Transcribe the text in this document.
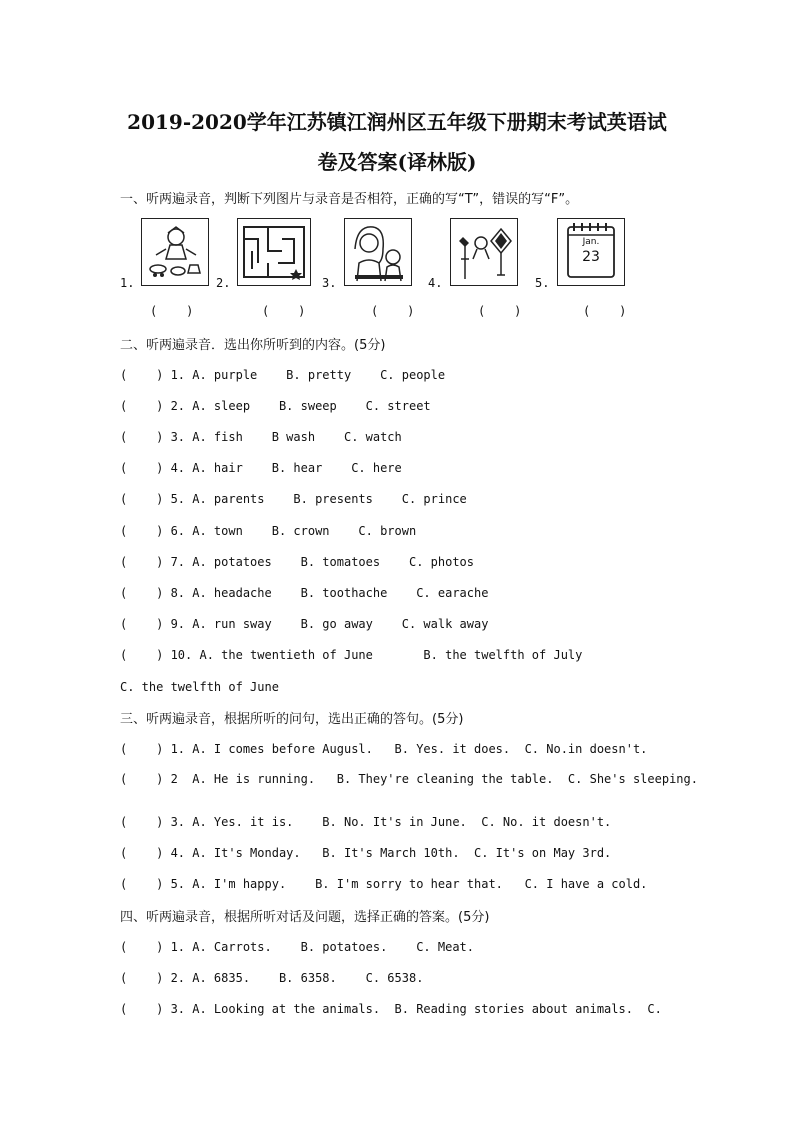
2019-2020学年江苏镇江润州区五年级下册期末考试英语试
卷及答案(译林版)
一、听两遍录音，判断下列图片与录音是否相符，正确的写“T”，错误的写“F”。
1.
(    )
2.
(    )
3.
(    )
4.
(    )
5.
Jan.
23
(    )
二、听两遍录音．选出你所听到的内容。(5分)
(    ) 1. A. purple    B. pretty    C. people
(    ) 2. A. sleep    B. sweep    C. street
(    ) 3. A. fish    B wash    C. watch
(    ) 4. A. hair    B. hear    C. here
(    ) 5. A. parents    B. presents    C. prince
(    ) 6. A. town    B. crown    C. brown
(    ) 7. A. potatoes    B. tomatoes    C. photos
(    ) 8. A. headache    B. toothache    C. earache
(    ) 9. A. run sway    B. go away    C. walk away
(    ) 10. A. the twentieth of June       B. the twelfth of July
C. the twelfth of June
三、听两遍录音，根据所听的问句，选出正确的答句。(5分)
(    ) 1. A. I comes before Augusl.   B. Yes. it does.  C. No.in doesn't.
(    ) 2  A. He is running.   B. They're cleaning the table.  C. She's sleeping.
(    ) 3. A. Yes. it is.    B. No. It's in June.  C. No. it doesn't.
(    ) 4. A. It's Monday.   B. It's March 10th.  C. It's on May 3rd.
(    ) 5. A. I'm happy.    B. I'm sorry to hear that.   C. I have a cold.
四、听两遍录音，根据所听对话及问题，选择正确的答案。(5分)
(    ) 1. A. Carrots.    B. potatoes.    C. Meat.
(    ) 2. A. 6835.    B. 6358.    C. 6538.
(    ) 3. A. Looking at the animals.  B. Reading stories about animals.  C.
